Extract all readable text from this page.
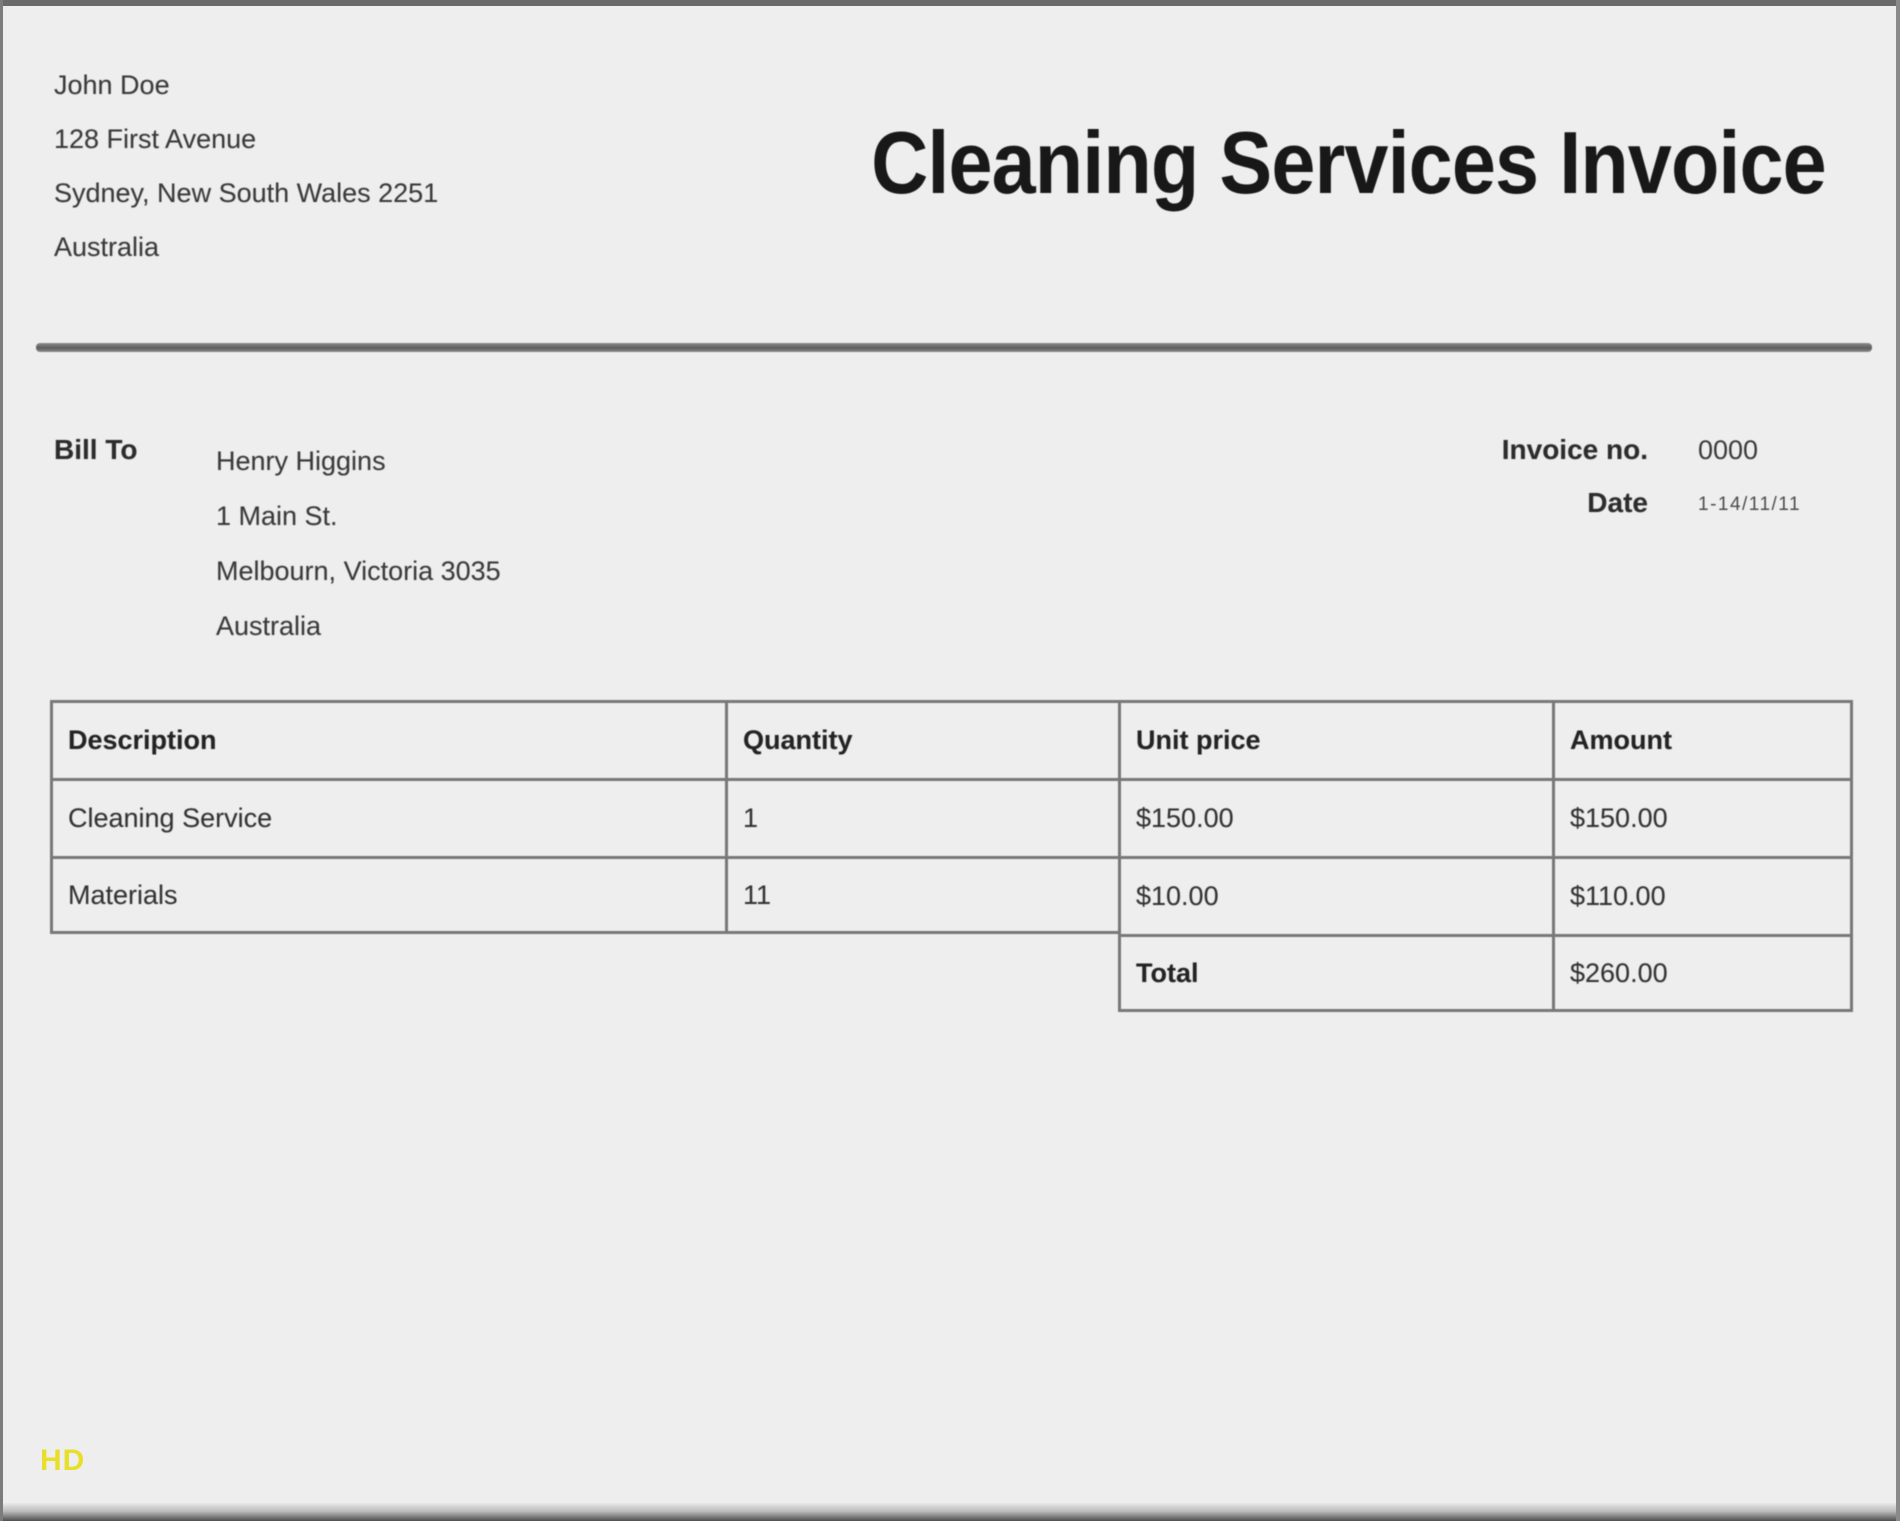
John Doe
128 First Avenue
Sydney, New South Wales 2251
Australia
Cleaning Services Invoice
Bill To	Henry Higgins
1 Main St.
Melbourn, Victoria 3035
Australia
Invoice no. 0000
Date	1-14/11/11
Description	Quantity	Unit price	Amount
Cleaning Service	1	$150.00	$150.00
Materials	11	$10.00	$110.00
Total	$260.00
HD
